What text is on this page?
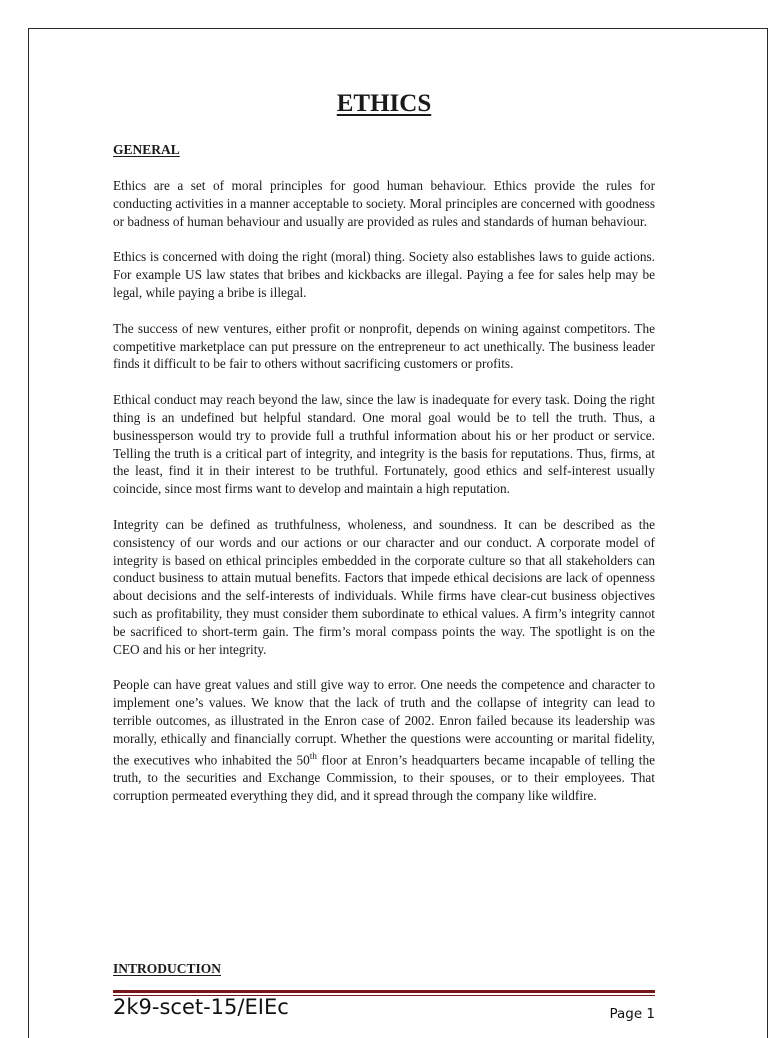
ETHICS
GENERAL

Ethics are a set of moral principles for good human behaviour. Ethics provide the rules for conducting activities in a manner acceptable to society. Moral principles are concerned with goodness or badness of human behaviour and usually are provided as rules and standards of human behaviour.

Ethics is concerned with doing the right (moral) thing. Society also establishes laws to guide actions. For example US law states that bribes and kickbacks are illegal. Paying a fee for sales help may be legal, while paying a bribe is illegal.

The success of new ventures, either profit or nonprofit, depends on wining against competitors. The competitive marketplace can put pressure on the entrepreneur to act unethically. The business leader finds it difficult to be fair to others without sacrificing customers or profits.

Ethical conduct may reach beyond the law, since the law is inadequate for every task. Doing the right thing is an undefined but helpful standard. One moral goal would be to tell the truth. Thus, a businessperson would try to provide full a truthful information about his or her product or service. Telling the truth is a critical part of integrity, and integrity is the basis for reputations. Thus, firms, at the least, find it in their interest to be truthful. Fortunately, good ethics and self-interest usually coincide, since most firms want to develop and maintain a high reputation.

Integrity can be defined as truthfulness, wholeness, and soundness. It can be described as the consistency of our words and our actions or our character and our conduct. A corporate model of integrity is based on ethical principles embedded in the corporate culture so that all stakeholders can conduct business to attain mutual benefits. Factors that impede ethical decisions are lack of openness about decisions and the self-interests of individuals. While firms have clear-cut business objectives such as profitability, they must consider them subordinate to ethical values. A firm’s integrity cannot be sacrificed to short-term gain. The firm’s moral compass points the way. The spotlight is on the CEO and his or her integrity.

People can have great values and still give way to error. One needs the competence and character to implement one’s values. We know that the lack of truth and the collapse of integrity can lead to terrible outcomes, as illustrated in the Enron case of 2002. Enron failed because its leadership was morally, ethically and financially corrupt. Whether the questions were accounting or marital fidelity, the executives who inhabited the 50th floor at Enron’s headquarters became incapable of telling the truth, to the securities and Exchange Commission, to their spouses, or to their employees. That corruption permeated everything they did, and it spread through the company like wildfire.

INTRODUCTION

2k9-scet-15/EIEc	Page 1
